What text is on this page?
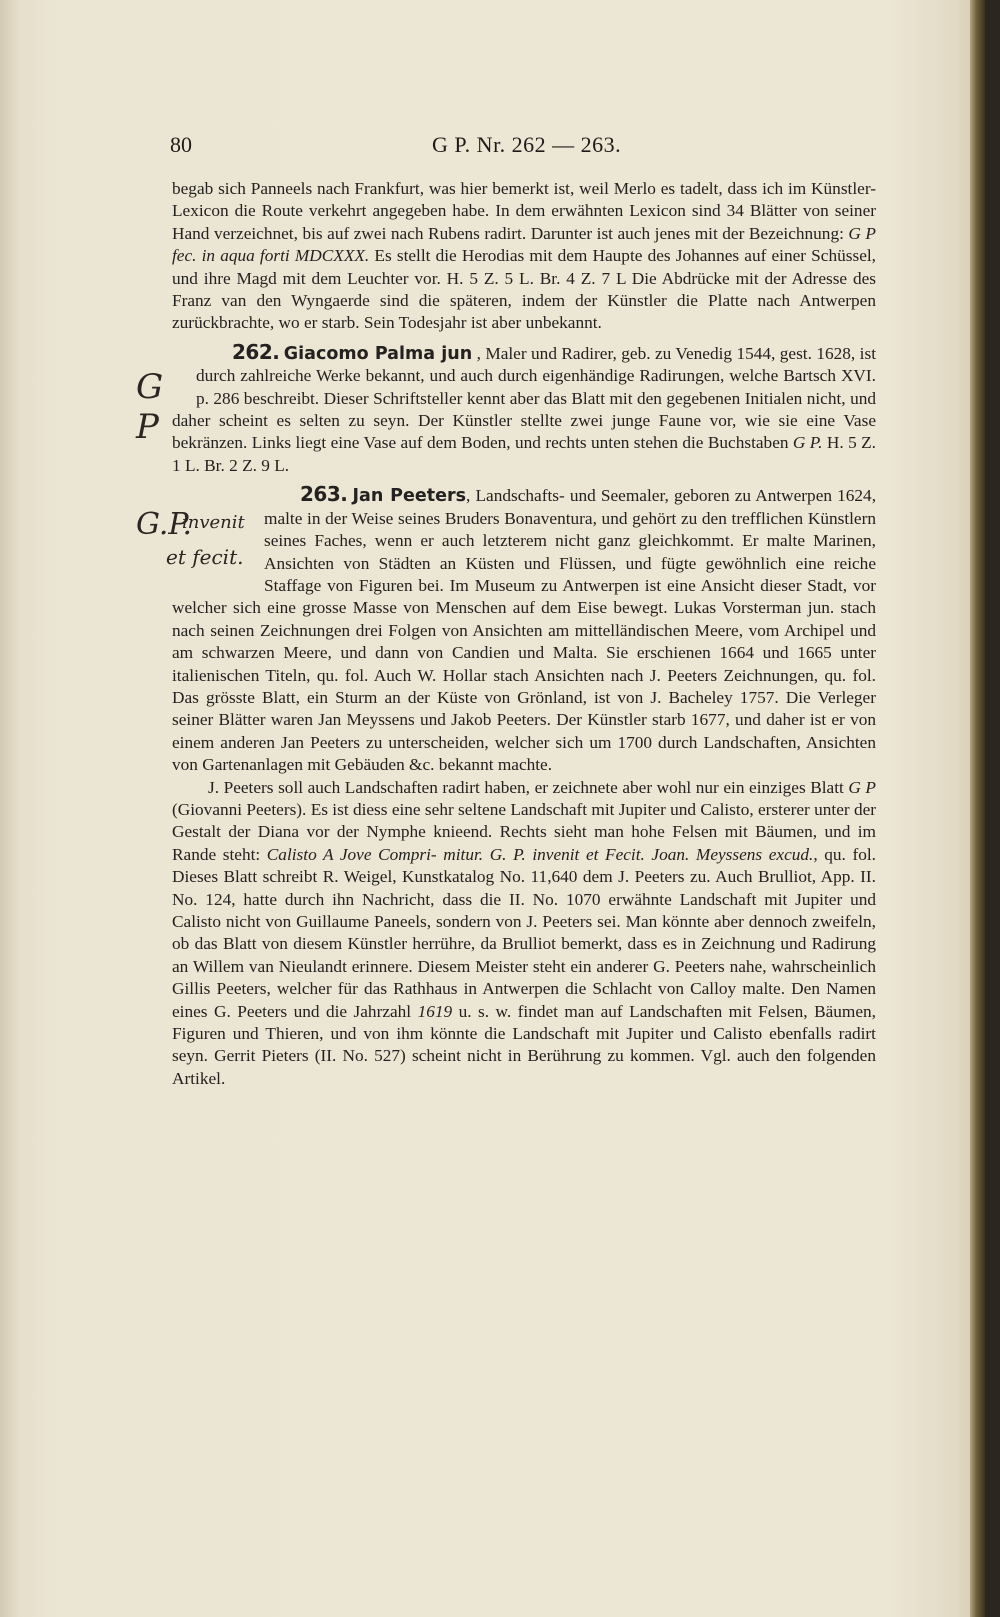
80	G P. Nr. 262 — 263.

begab sich Panneels nach Frankfurt, was hier bemerkt ist, weil Merlo es tadelt, dass ich im Künstler-Lexicon die Route verkehrt angegeben habe. In dem erwähnten Lexicon sind 34 Blätter von seiner Hand verzeichnet, bis auf zwei nach Rubens radirt. Darunter ist auch jenes mit der Bezeichnung: G P fec. in aqua forti MDCXXX. Es stellt die Herodias mit dem Haupte des Johannes auf einer Schüssel, und ihre Magd mit dem Leuchter vor. H. 5 Z. 5 L. Br. 4 Z. 7 L Die Abdrücke mit der Adresse des Franz van den Wyngaerde sind die späteren, indem der Künstler die Platte nach Antwerpen zurückbrachte, wo er starb. Sein Todesjahr ist aber unbekannt.

262. Giacomo Palma jun
G P
, Maler und Radirer, geb. zu Venedig 1544, gest. 1628, ist durch zahlreiche Werke bekannt, und auch durch eigenhändige Radirungen, welche Bartsch XVI. p. 286 beschreibt. Dieser Schriftsteller kennt aber das Blatt mit den gegebenen Initialen nicht, und daher scheint es selten zu seyn. Der Künstler stellte zwei junge Faune vor, wie sie eine Vase bekränzen. Links liegt eine Vase auf dem Boden, und rechts unten stehen die Buchstaben G P. H. 5 Z. 1 L. Br. 2 Z. 9 L.

263. Jan Peeters
G.P.
invenit
et fecit.
, Landschafts- und Seemaler, geboren zu Antwerpen 1624, malte in der Weise seines Bruders Bonaventura, und gehört zu den trefflichen Künstlern seines Faches, wenn er auch letzterem nicht ganz gleichkommt. Er malte Marinen, Ansichten von Städten an Küsten und Flüssen, und fügte gewöhnlich eine reiche Staffage von Figuren bei. Im Museum zu Antwerpen ist eine Ansicht dieser Stadt, vor welcher sich eine grosse Masse von Menschen auf dem Eise bewegt. Lukas Vorsterman jun. stach nach seinen Zeichnungen drei Folgen von Ansichten am mittelländischen Meere, vom Archipel und am schwarzen Meere, und dann von Candien und Malta. Sie erschienen 1664 und 1665 unter italienischen Titeln, qu. fol. Auch W. Hollar stach Ansichten nach J. Peeters Zeichnungen, qu. fol. Das grösste Blatt, ein Sturm an der Küste von Grönland, ist von J. Bacheley 1757. Die Verleger seiner Blätter waren Jan Meyssens und Jakob Peeters. Der Künstler starb 1677, und daher ist er von einem anderen Jan Peeters zu unterscheiden, welcher sich um 1700 durch Landschaften, Ansichten von Gartenanlagen mit Gebäuden &c. bekannt machte.

J. Peeters soll auch Landschaften radirt haben, er zeichnete aber wohl nur ein einziges Blatt G P (Giovanni Peeters). Es ist diess eine sehr seltene Landschaft mit Jupiter und Calisto, ersterer unter der Gestalt der Diana vor der Nymphe knieend. Rechts sieht man hohe Felsen mit Bäumen, und im Rande steht: Calisto A Jove Compri- mitur. G. P. invenit et Fecit. Joan. Meyssens excud., qu. fol. Dieses Blatt schreibt R. Weigel, Kunstkatalog No. 11,640 dem J. Peeters zu. Auch Brulliot, App. II. No. 124, hatte durch ihn Nachricht, dass die II. No. 1070 erwähnte Landschaft mit Jupiter und Calisto nicht von Guillaume Paneels, sondern von J. Peeters sei. Man könnte aber dennoch zweifeln, ob das Blatt von diesem Künstler herrühre, da Brulliot bemerkt, dass es in Zeichnung und Radirung an Willem van Nieulandt erinnere. Diesem Meister steht ein anderer G. Peeters nahe, wahrscheinlich Gillis Peeters, welcher für das Rathhaus in Antwerpen die Schlacht von Calloy malte. Den Namen eines G. Peeters und die Jahrzahl 1619 u. s. w. findet man auf Landschaften mit Felsen, Bäumen, Figuren und Thieren, und von ihm könnte die Landschaft mit Jupiter und Calisto ebenfalls radirt seyn. Gerrit Pieters (II. No. 527) scheint nicht in Berührung zu kommen. Vgl. auch den folgenden Artikel.
